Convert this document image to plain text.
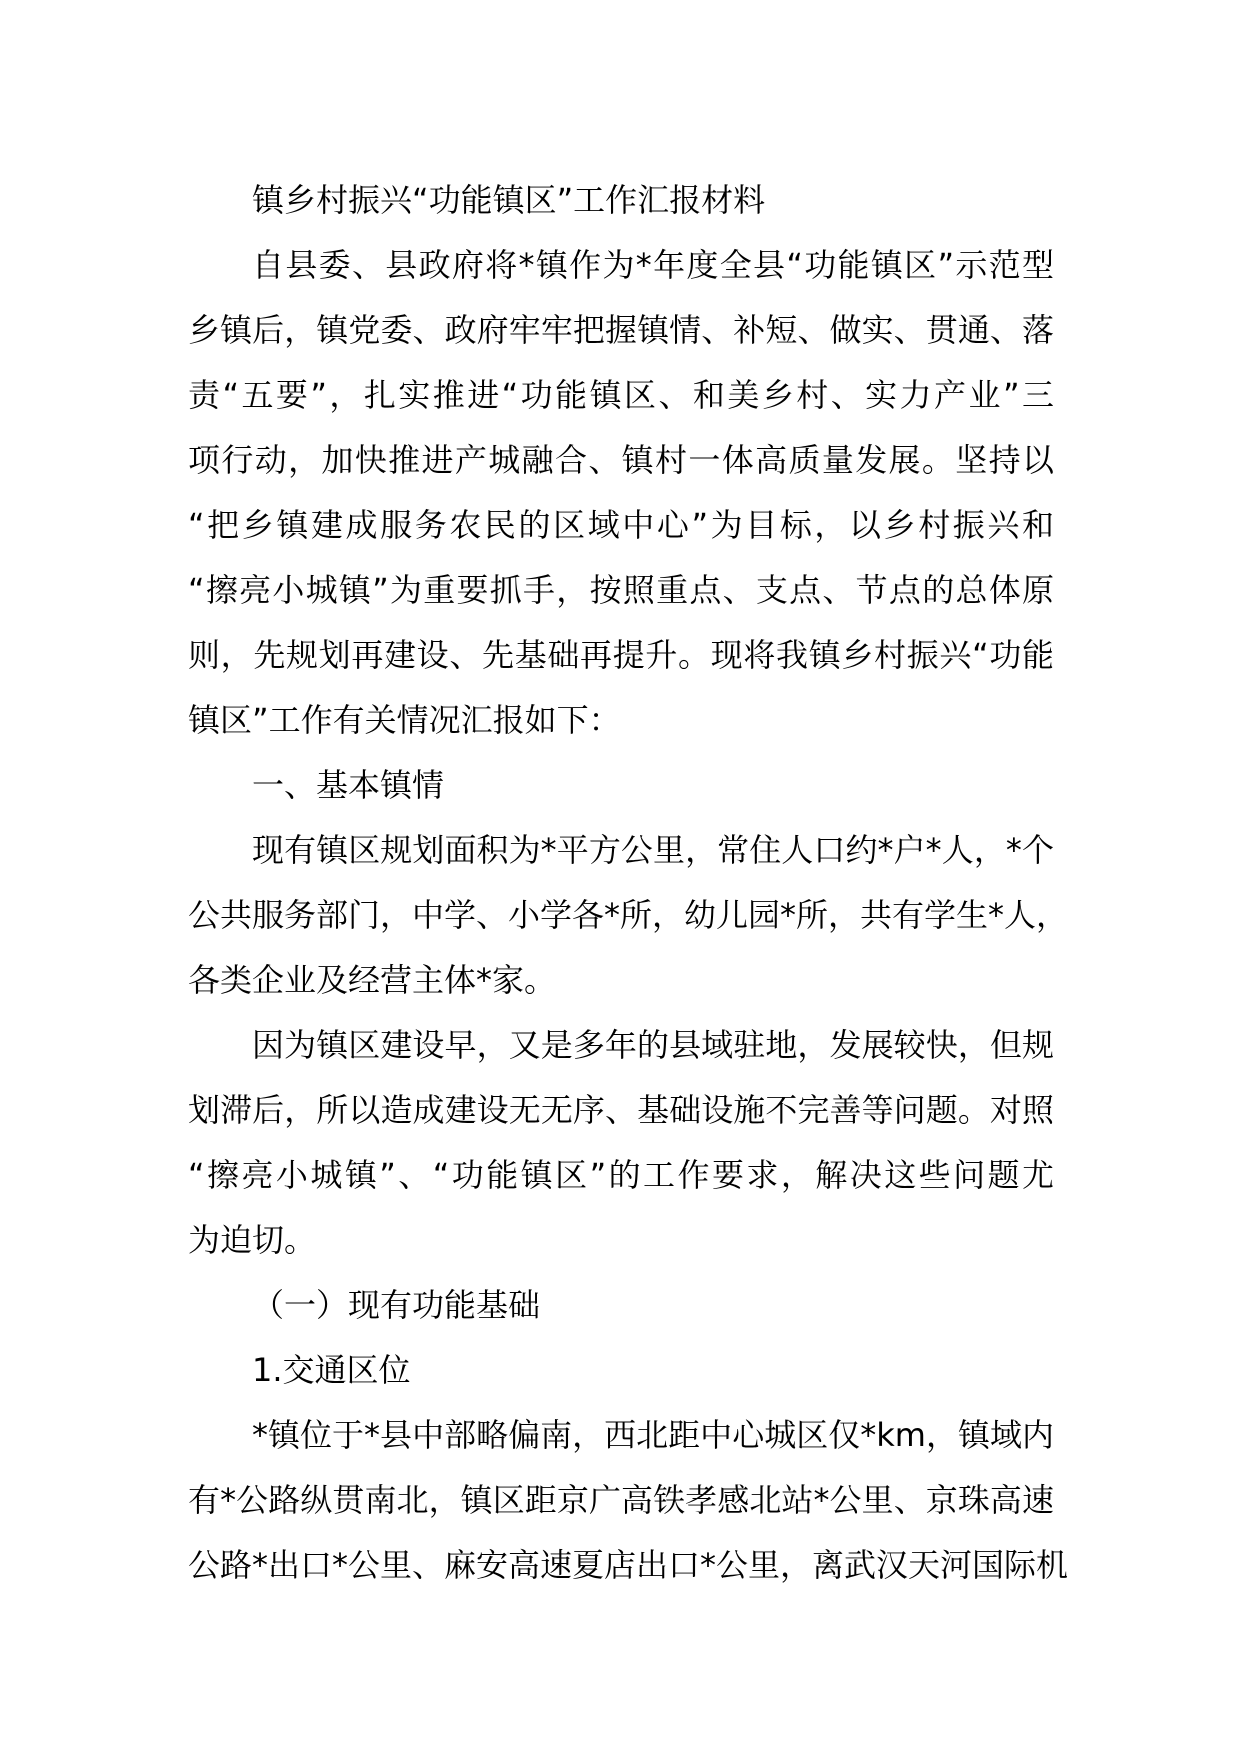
镇乡村振兴“功能镇区”工作汇报材料
自县委、县政府将*镇作为*年度全县“功能镇区”示范型
乡镇后，镇党委、政府牢牢把握镇情、补短、做实、贯通、落
责“五要”，扎实推进“功能镇区、和美乡村、实力产业”三
项行动，加快推进产城融合、镇村一体高质量发展。坚持以
“把乡镇建成服务农民的区域中心”为目标，以乡村振兴和
“擦亮小城镇”为重要抓手，按照重点、支点、节点的总体原
则，先规划再建设、先基础再提升。现将我镇乡村振兴“功能
镇区”工作有关情况汇报如下：
一、基本镇情
现有镇区规划面积为*平方公里，常住人口约*户*人，*个
公共服务部门，中学、小学各*所，幼儿园*所，共有学生*人，
各类企业及经营主体*家。
因为镇区建设早，又是多年的县域驻地，发展较快，但规
划滞后，所以造成建设无无序、基础设施不完善等问题。对照
“擦亮小城镇”、“功能镇区”的工作要求，解决这些问题尤
为迫切。
（一）现有功能基础
1.交通区位
*镇位于*县中部略偏南，西北距中心城区仅*km，镇域内
有*公路纵贯南北，镇区距京广高铁孝感北站*公里、京珠高速
公路*出口*公里、麻安高速夏店出口*公里，离武汉天河国际机
